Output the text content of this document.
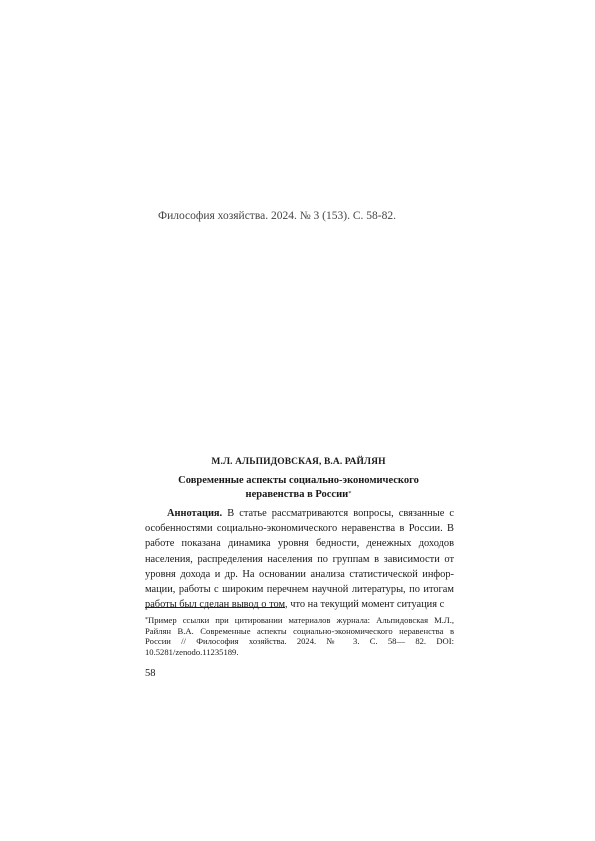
Философия хозяйства. 2024. № 3 (153). С. 58-82.
М.Л. АЛЬПИДОВСКАЯ, В.А. РАЙЛЯН
Современные аспекты социально-экономического
неравенства в России*

Аннотация. В статье рассматриваются вопросы, связанные с особенностями социально-экономического неравенства в России. В работе показана динамика уровня бедности, денежных доходов населения, распределения населения по группам в зависимости от уровня дохода и др. На основании анализа статистической инфор-мации, работы с широким перечнем научной литературы, по итогам работы был сделан вывод о том, что на текущий момент ситуация с

*Пример ссылки при цитировании материалов журнала: Альпидовская М.Л., Райлян В.А. Современные аспекты социально-экономического неравенства в России // Философия хозяйства. 2024. № 3. С. 58— 82. DOI: 10.5281/zenodo.11235189.
58
